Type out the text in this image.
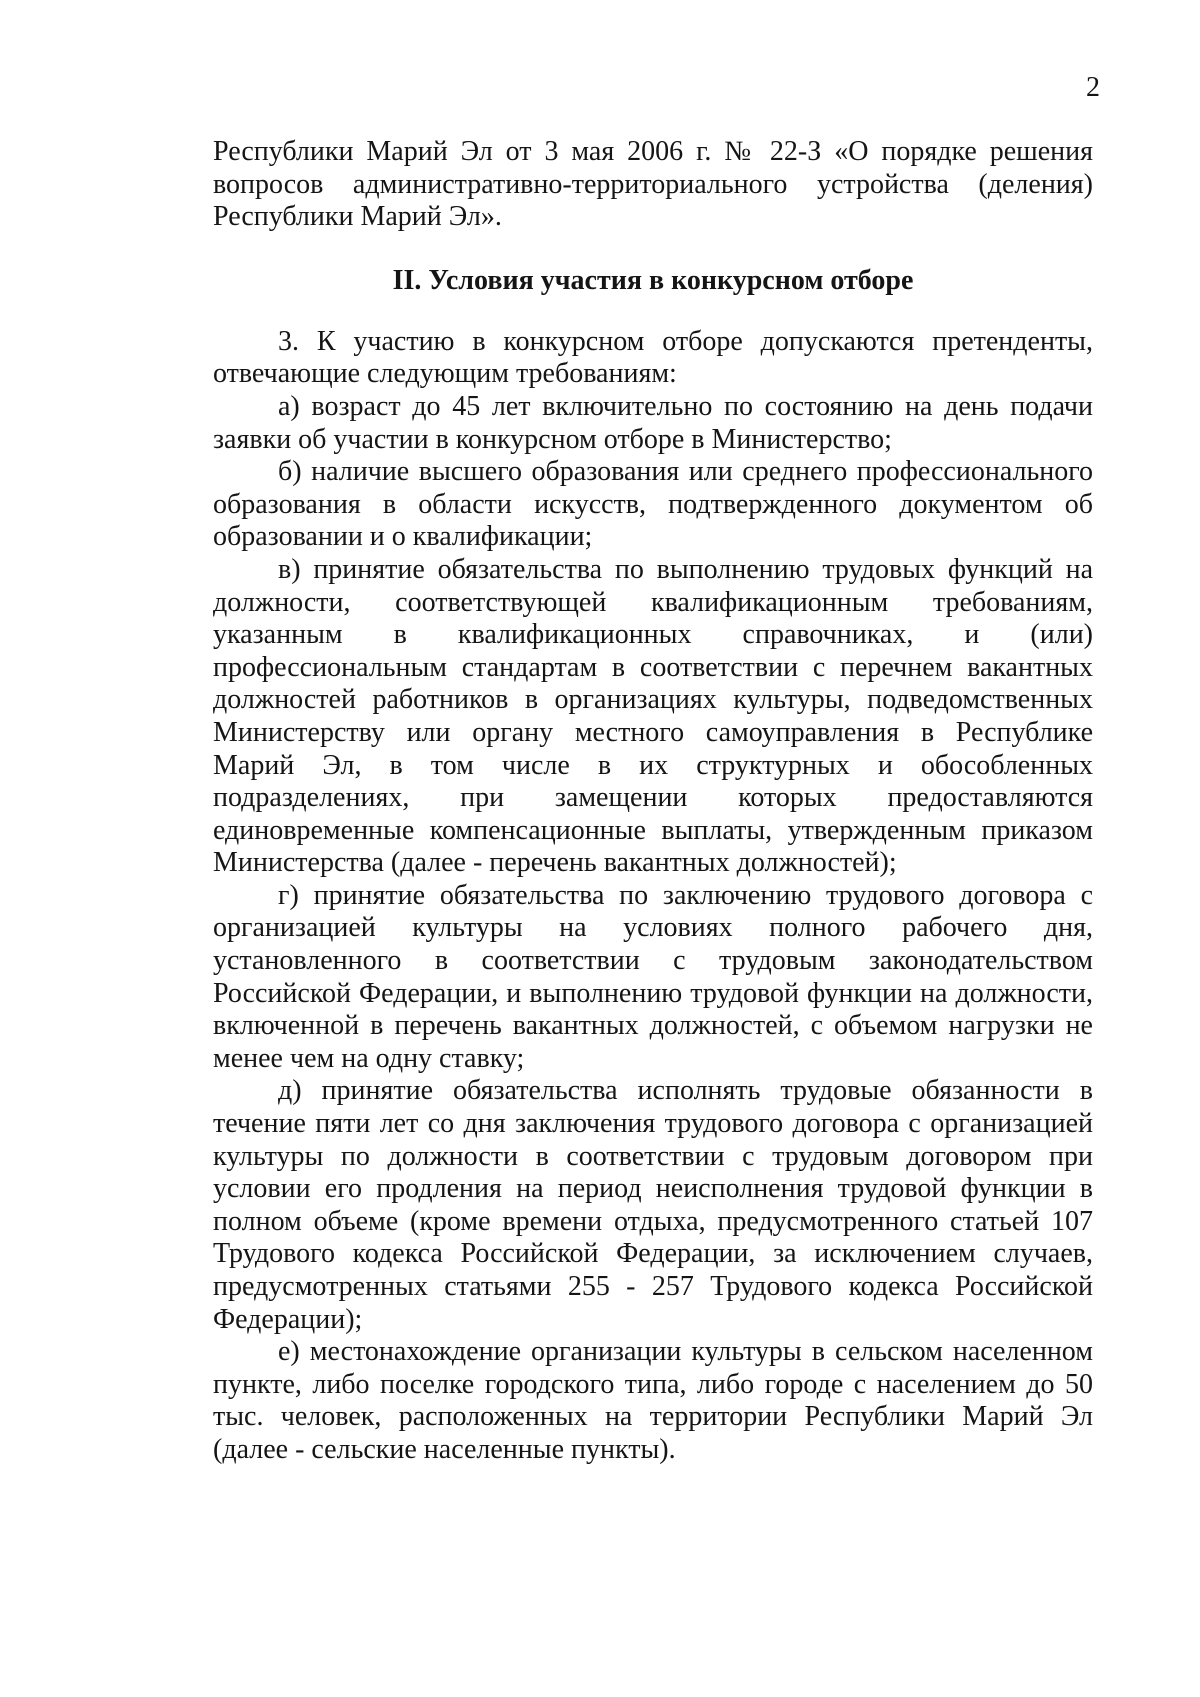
2

Республики Марий Эл от 3 мая 2006 г. № 22-З «О порядке решения вопросов административно-территориального устройства (деления) Республики Марий Эл».

II. Условия участия в конкурсном отборе

3. К участию в конкурсном отборе допускаются претенденты, отвечающие следующим требованиям:

а) возраст до 45 лет включительно по состоянию на день подачи заявки об участии в конкурсном отборе в Министерство;

б) наличие высшего образования или среднего профессионального образования в области искусств, подтвержденного документом об образовании и о квалификации;

в) принятие обязательства по выполнению трудовых функций на должности, соответствующей квалификационным требованиям, указанным в квалификационных справочниках, и (или) профессиональным стандартам в соответствии с перечнем вакантных должностей работников в организациях культуры, подведомственных Министерству или органу местного самоуправления в Республике Марий Эл, в том числе в их структурных и обособленных подразделениях, при замещении которых предоставляются единовременные компенсационные выплаты, утвержденным приказом Министерства (далее - перечень вакантных должностей);

г) принятие обязательства по заключению трудового договора с организацией культуры на условиях полного рабочего дня, установленного в соответствии с трудовым законодательством Российской Федерации, и выполнению трудовой функции на должности, включенной в перечень вакантных должностей, с объемом нагрузки не менее чем на одну ставку;

д) принятие обязательства исполнять трудовые обязанности в течение пяти лет со дня заключения трудового договора с организацией культуры по должности в соответствии с трудовым договором при условии его продления на период неисполнения трудовой функции в полном объеме (кроме времени отдыха, предусмотренного статьей 107 Трудового кодекса Российской Федерации, за исключением случаев, предусмотренных статьями 255 - 257 Трудового кодекса Российской Федерации);

е) местонахождение организации культуры в сельском населенном пункте, либо поселке городского типа, либо городе с населением до 50 тыс. человек, расположенных на территории Республики Марий Эл (далее - сельские населенные пункты).
